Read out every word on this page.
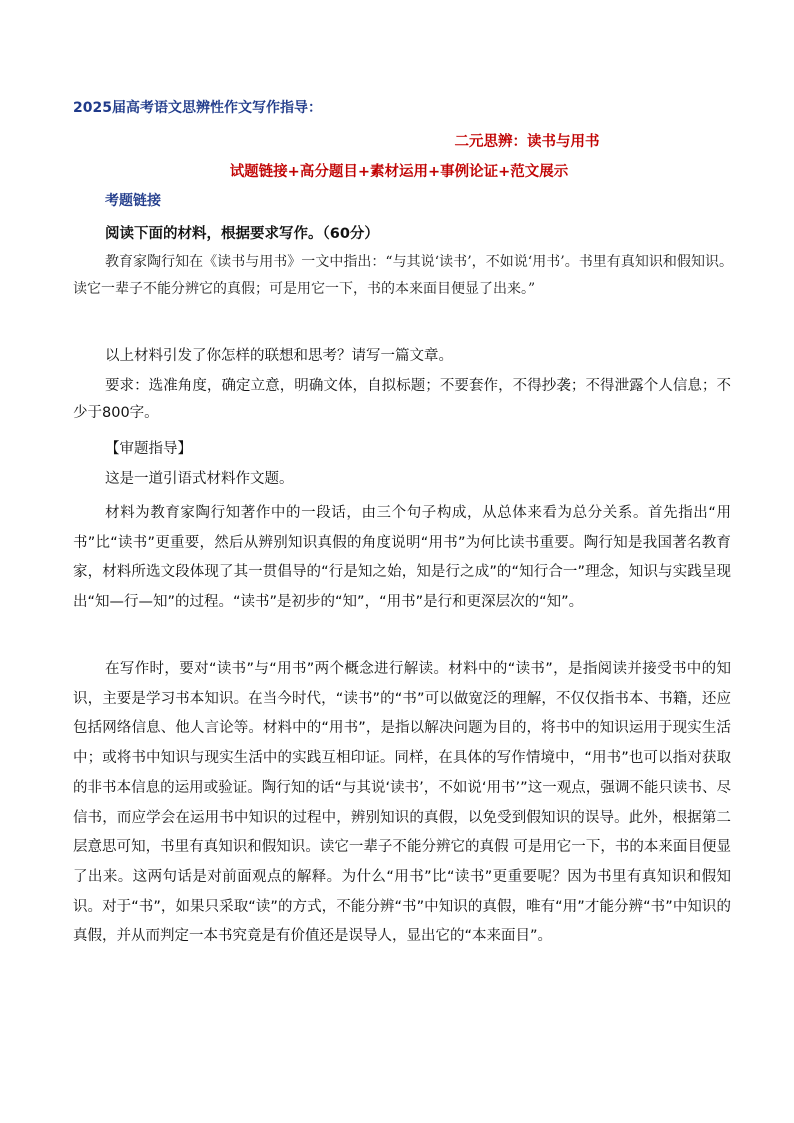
2025届高考语文思辨性作文写作指导：
二元思辨：读书与用书
试题链接+高分题目+素材运用+事例论证+范文展示
考题链接
阅读下面的材料，根据要求写作。（60分）
教育家陶行知在《读书与用书》一文中指出：“与其说‘读书’，不如说‘用书’。书里有真知识和假知识。读它一辈子不能分辨它的真假；可是用它一下，书的本来面目便显了出来。”
以上材料引发了你怎样的联想和思考？请写一篇文章。
要求：选准角度，确定立意，明确文体，自拟标题；不要套作，不得抄袭；不得泄露个人信息；不少于800字。
【审题指导】
这是一道引语式材料作文题。
材料为教育家陶行知著作中的一段话，由三个句子构成，从总体来看为总分关系。首先指出“用书”比“读书”更重要，然后从辨别知识真假的角度说明“用书”为何比读书重要。陶行知是我国著名教育家，材料所选文段体现了其一贯倡导的“行是知之始，知是行之成”的“知行合一”理念，知识与实践呈现出“知—行—知”的过程。“读书”是初步的“知”，“用书”是行和更深层次的“知”。
在写作时，要对“读书”与“用书”两个概念进行解读。材料中的“读书”，是指阅读并接受书中的知识，主要是学习书本知识。在当今时代，“读书”的“书”可以做宽泛的理解，不仅仅指书本、书籍，还应包括网络信息、他人言论等。材料中的“用书”，是指以解决问题为目的，将书中的知识运用于现实生活中；或将书中知识与现实生活中的实践互相印证。同样，在具体的写作情境中，“用书”也可以指对获取的非书本信息的运用或验证。陶行知的话“与其说‘读书’，不如说‘用书’”这一观点，强调不能只读书、尽信书，而应学会在运用书中知识的过程中，辨别知识的真假，以免受到假知识的误导。此外，根据第二层意思可知，书里有真知识和假知识。读它一辈子不能分辨它的真假 可是用它一下，书的本来面目便显了出来。这两句话是对前面观点的解释。为什么“用书”比“读书”更重要呢？因为书里有真知识和假知识。对于“书”，如果只采取“读”的方式，不能分辨“书”中知识的真假，唯有“用”才能分辨“书”中知识的真假，并从而判定一本书究竟是有价值还是误导人，显出它的“本来面目”。
